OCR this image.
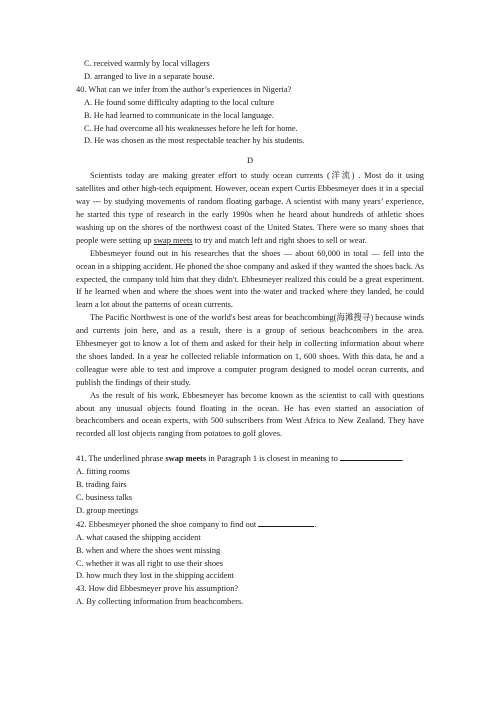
C. received warmly by local villagers
D. arranged to live in a separate house.
40. What can we infer from the author’s experiences in Nigeria?
A. He found some difficulty adapting to the local culture
B. He had learned to communicate in the local language.
C. He had overcome all his weaknesses before he left for home.
D. He was chosen as the most respectable teacher by his students.
D

Scientists today are making greater effort to study ocean currents (洋流) . Most do it using satellites and other high-tech equipment. However, ocean expert Curtis Ebbesmeyer does it in a special way --- by studying movements of random floating garbage. A scientist with many years’ experience, he started this type of research in the early 1990s when he heard about hundreds of athletic shoes washing up on the shores of the northwest coast of the United States. There were so many shoes that people were setting up swap meets to try and match left and right shoes to sell or wear.

Ebbesmeyer found out in his researches that the shoes — about 60,000 in total — fell into the ocean in a shipping accident. He phoned the shoe company and asked if they wanted the shoes back. As expected, the company told him that they didn't. Ebbesmeyer realized this could be a great experiment. If he learned when and where the shoes went into the water and tracked where they landed, he could learn a lot about the patterns of ocean currents.

The Pacific Northwest is one of the world's best areas for beachcombing(海滩搜寻) because winds and currents join here, and as a result, there is a group of serious beachcombers in the area. Ebbesmeyer got to know a lot of them and asked for their help in collecting information about where the shoes landed. In a year he collected reliable information on 1, 600 shoes. With this data, he and a colleague were able to test and improve a computer program designed to model ocean currents, and publish the findings of their study.

As the result of his work, Ebbesmeyer has become known as the scientist to call with questions about any unusual objects found floating in the ocean. He has even started an association of beachcombers and ocean experts, with 500 subscribers from West Africa to New Zealand. They have recorded all lost objects ranging from potatoes to golf gloves.

41. The underlined phrase swap meets in Paragraph 1 is closest in meaning to	.
A. fitting rooms
B. trading fairs
C. business talks
D. group meetings
42. Ebbesmeyer phoned the shoe company to find out	.
A. what caused the shipping accident
B. when and where the shoes went missing
C. whether it was all right to use their shoes
D. how much they lost in the shipping accident
43. How did Ebbesmeyer prove his assumption?
A. By collecting information from beachcombers.
